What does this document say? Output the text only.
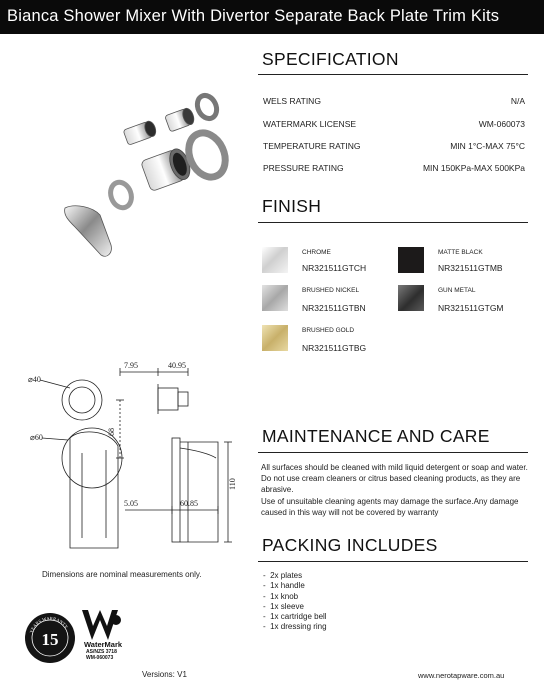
Bianca Shower Mixer With Divertor Separate Back Plate Trim Kits
SPECIFICATION
WELS RATING	N/A
WATERMARK LICENSE	WM-060073
TEMPERATURE RATING	MIN 1°C-MAX 75°C
PRESSURE RATING	MIN 150KPa-MAX 500KPa
FINISH
CHROME
NR321511GTCH
MATTE BLACK
NR321511GTMB
BRUSHED NICKEL
NR321511GTBN
GUN METAL
NR321511GTGM
BRUSHED GOLD
NR321511GTBG
⌀40
⌀60
68
110
7.95	40.95
5.05	60.85
Dimensions are nominal measurements only.
YEARS WARRANTY
15	WaterMark
AS/NZS 3718
WM-060073
MAINTENANCE AND CARE
All surfaces should be cleaned with mild liquid detergent or soap and water.
Do not use cream cleaners or citrus based cleaning products, as they are abrasive.
Use of unsuitable cleaning agents may damage the surface.Any damage caused in this way will not be covered by warranty
PACKING INCLUDES
-  2x plates
-  1x handle
-  1x knob
-  1x sleeve
-  1x cartridge bell
-  1x dressing ring
Versions: V1	www.nerotapware.com.au
